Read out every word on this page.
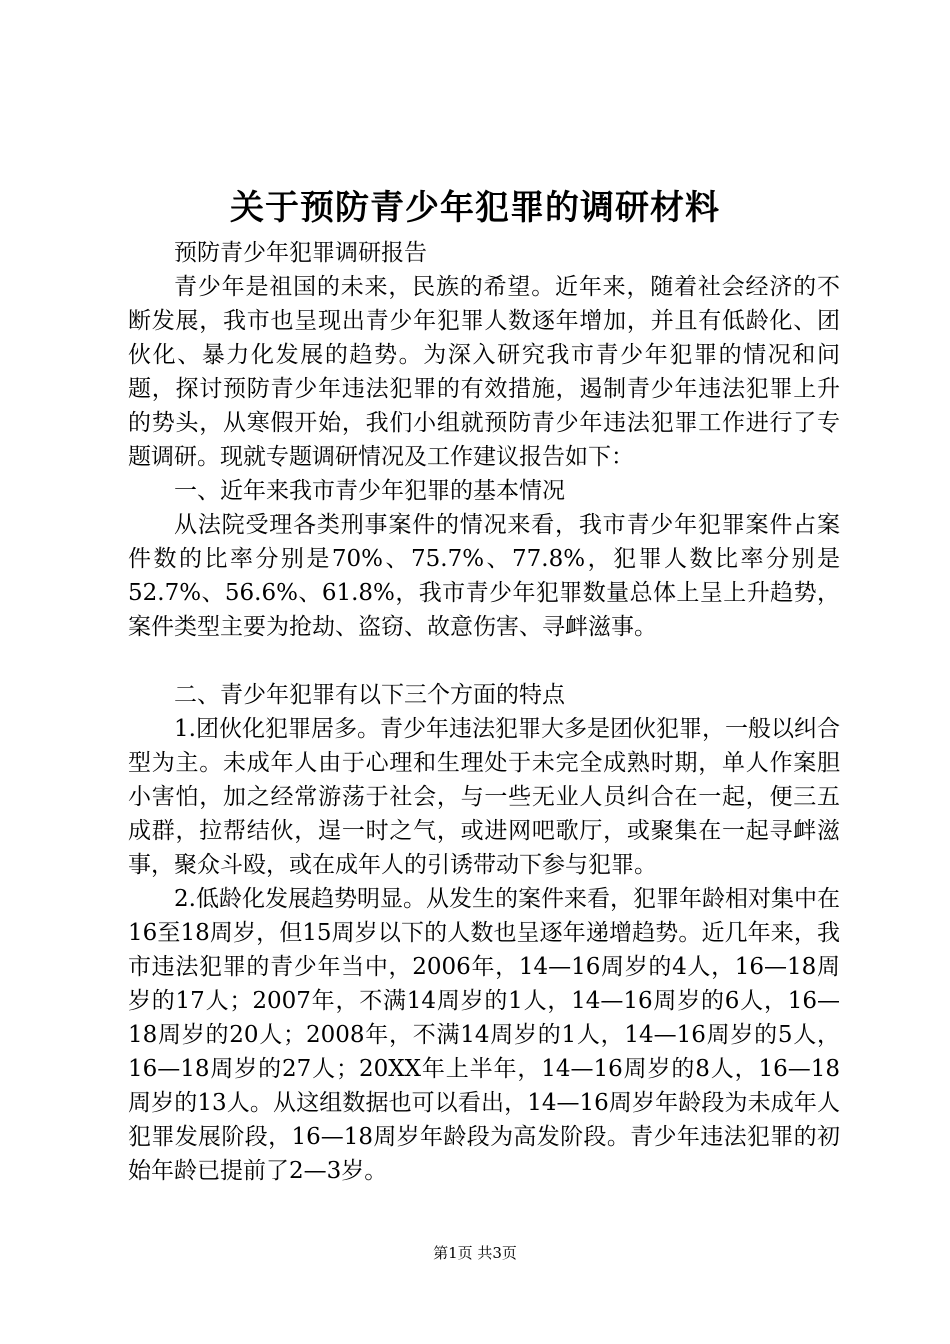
关于预防青少年犯罪的调研材料

预防青少年犯罪调研报告

青少年是祖国的未来，民族的希望。近年来，随着社会经济的不断发展，我市也呈现出青少年犯罪人数逐年增加，并且有低龄化、团伙化、暴力化发展的趋势。为深入研究我市青少年犯罪的情况和问题，探讨预防青少年违法犯罪的有效措施，遏制青少年违法犯罪上升的势头，从寒假开始，我们小组就预防青少年违法犯罪工作进行了专题调研。现就专题调研情况及工作建议报告如下：

一、近年来我市青少年犯罪的基本情况

从法院受理各类刑事案件的情况来看，我市青少年犯罪案件占案件数的比率分别是70%、75.7%、77.8%，犯罪人数比率分别是52.7%、56.6%、61.8%，我市青少年犯罪数量总体上呈上升趋势，案件类型主要为抢劫、盗窃、故意伤害、寻衅滋事。

二、青少年犯罪有以下三个方面的特点

1.团伙化犯罪居多。青少年违法犯罪大多是团伙犯罪，一般以纠合型为主。未成年人由于心理和生理处于未完全成熟时期，单人作案胆小害怕，加之经常游荡于社会，与一些无业人员纠合在一起，便三五成群，拉帮结伙，逞一时之气，或进网吧歌厅，或聚集在一起寻衅滋事，聚众斗殴，或在成年人的引诱带动下参与犯罪。

2.低龄化发展趋势明显。从发生的案件来看，犯罪年龄相对集中在16至18周岁，但15周岁以下的人数也呈逐年递增趋势。近几年来，我市违法犯罪的青少年当中，2006年，14—16周岁的4人，16—18周岁的17人；2007年，不满14周岁的1人，14—16周岁的6人，16—18周岁的20人；2008年，不满14周岁的1人，14—16周岁的5人，16—18周岁的27人；20XX年上半年，14—16周岁的8人，16—18周岁的13人。从这组数据也可以看出，14—16周岁年龄段为未成年人犯罪发展阶段，16—18周岁年龄段为高发阶段。青少年违法犯罪的初始年龄已提前了2—3岁。

第1页 共3页
